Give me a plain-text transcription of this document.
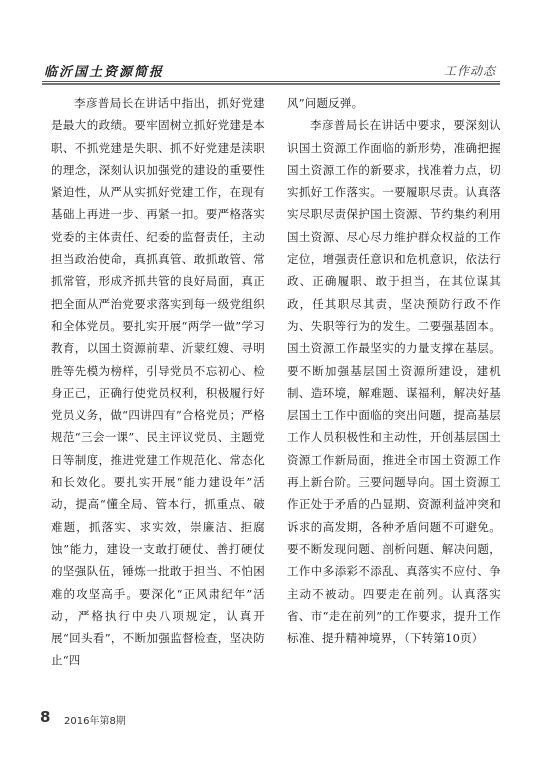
临沂国土资源简报	工作动态

李彦普局长在讲话中指出，抓好党建是最大的政绩。要牢固树立抓好党建是本职、不抓党建是失职、抓不好党建是渎职的理念，深刻认识加强党的建设的重要性紧迫性，从严从实抓好党建工作，在现有基础上再进一步、再紧一扣。要严格落实党委的主体责任、纪委的监督责任，主动担当政治使命，真抓真管、敢抓敢管、常抓常管，形成齐抓共管的良好局面，真正把全面从严治党要求落实到每一级党组织和全体党员。要扎实开展“两学一做”学习教育，以国土资源前辈、沂蒙红嫂、寻明胜等先模为榜样，引导党员不忘初心、检身正己，正确行使党员权利，积极履行好党员义务，做“四讲四有”合格党员；严格规范“三会一课”、民主评议党员、主题党日等制度，推进党建工作规范化、常态化和长效化。要扎实开展“能力建设年”活动，提高“懂全局、管本行，抓重点、破难题，抓落实、求实效，崇廉洁、拒腐蚀”能力，建设一支敢打硬仗、善打硬仗的坚强队伍，锤炼一批敢于担当、不怕困难的攻坚高手。要深化“正风肃纪年”活动，严格执行中央八项规定，认真开展“回头看”，不断加强监督检查，坚决防止“四

风”问题反弹。

李彦普局长在讲话中要求，要深刻认识国土资源工作面临的新形势，准确把握国土资源工作的新要求，找准着力点，切实抓好工作落实。一要履职尽责。认真落实尽职尽责保护国土资源、节约集约利用国土资源、尽心尽力维护群众权益的工作定位，增强责任意识和危机意识，依法行政、正确履职、敢于担当，在其位谋其政，任其职尽其责，坚决预防行政不作为、失职等行为的发生。二要强基固本。国土资源工作最坚实的力量支撑在基层。要不断加强基层国土资源所建设，建机制、造环境，解难题、谋福利，解决好基层国土工作中面临的突出问题，提高基层工作人员积极性和主动性，开创基层国土资源工作新局面，推进全市国土资源工作再上新台阶。三要问题导向。国土资源工作正处于矛盾的凸显期、资源利益冲突和诉求的高发期，各种矛盾问题不可避免。要不断发现问题、剖析问题、解决问题，工作中多添彩不添乱、真落实不应付、争主动不被动。四要走在前列。认真落实省、市“走在前列”的工作要求，提升工作标准、提升精神境界，（下转第10页）

8 2016年第8期
